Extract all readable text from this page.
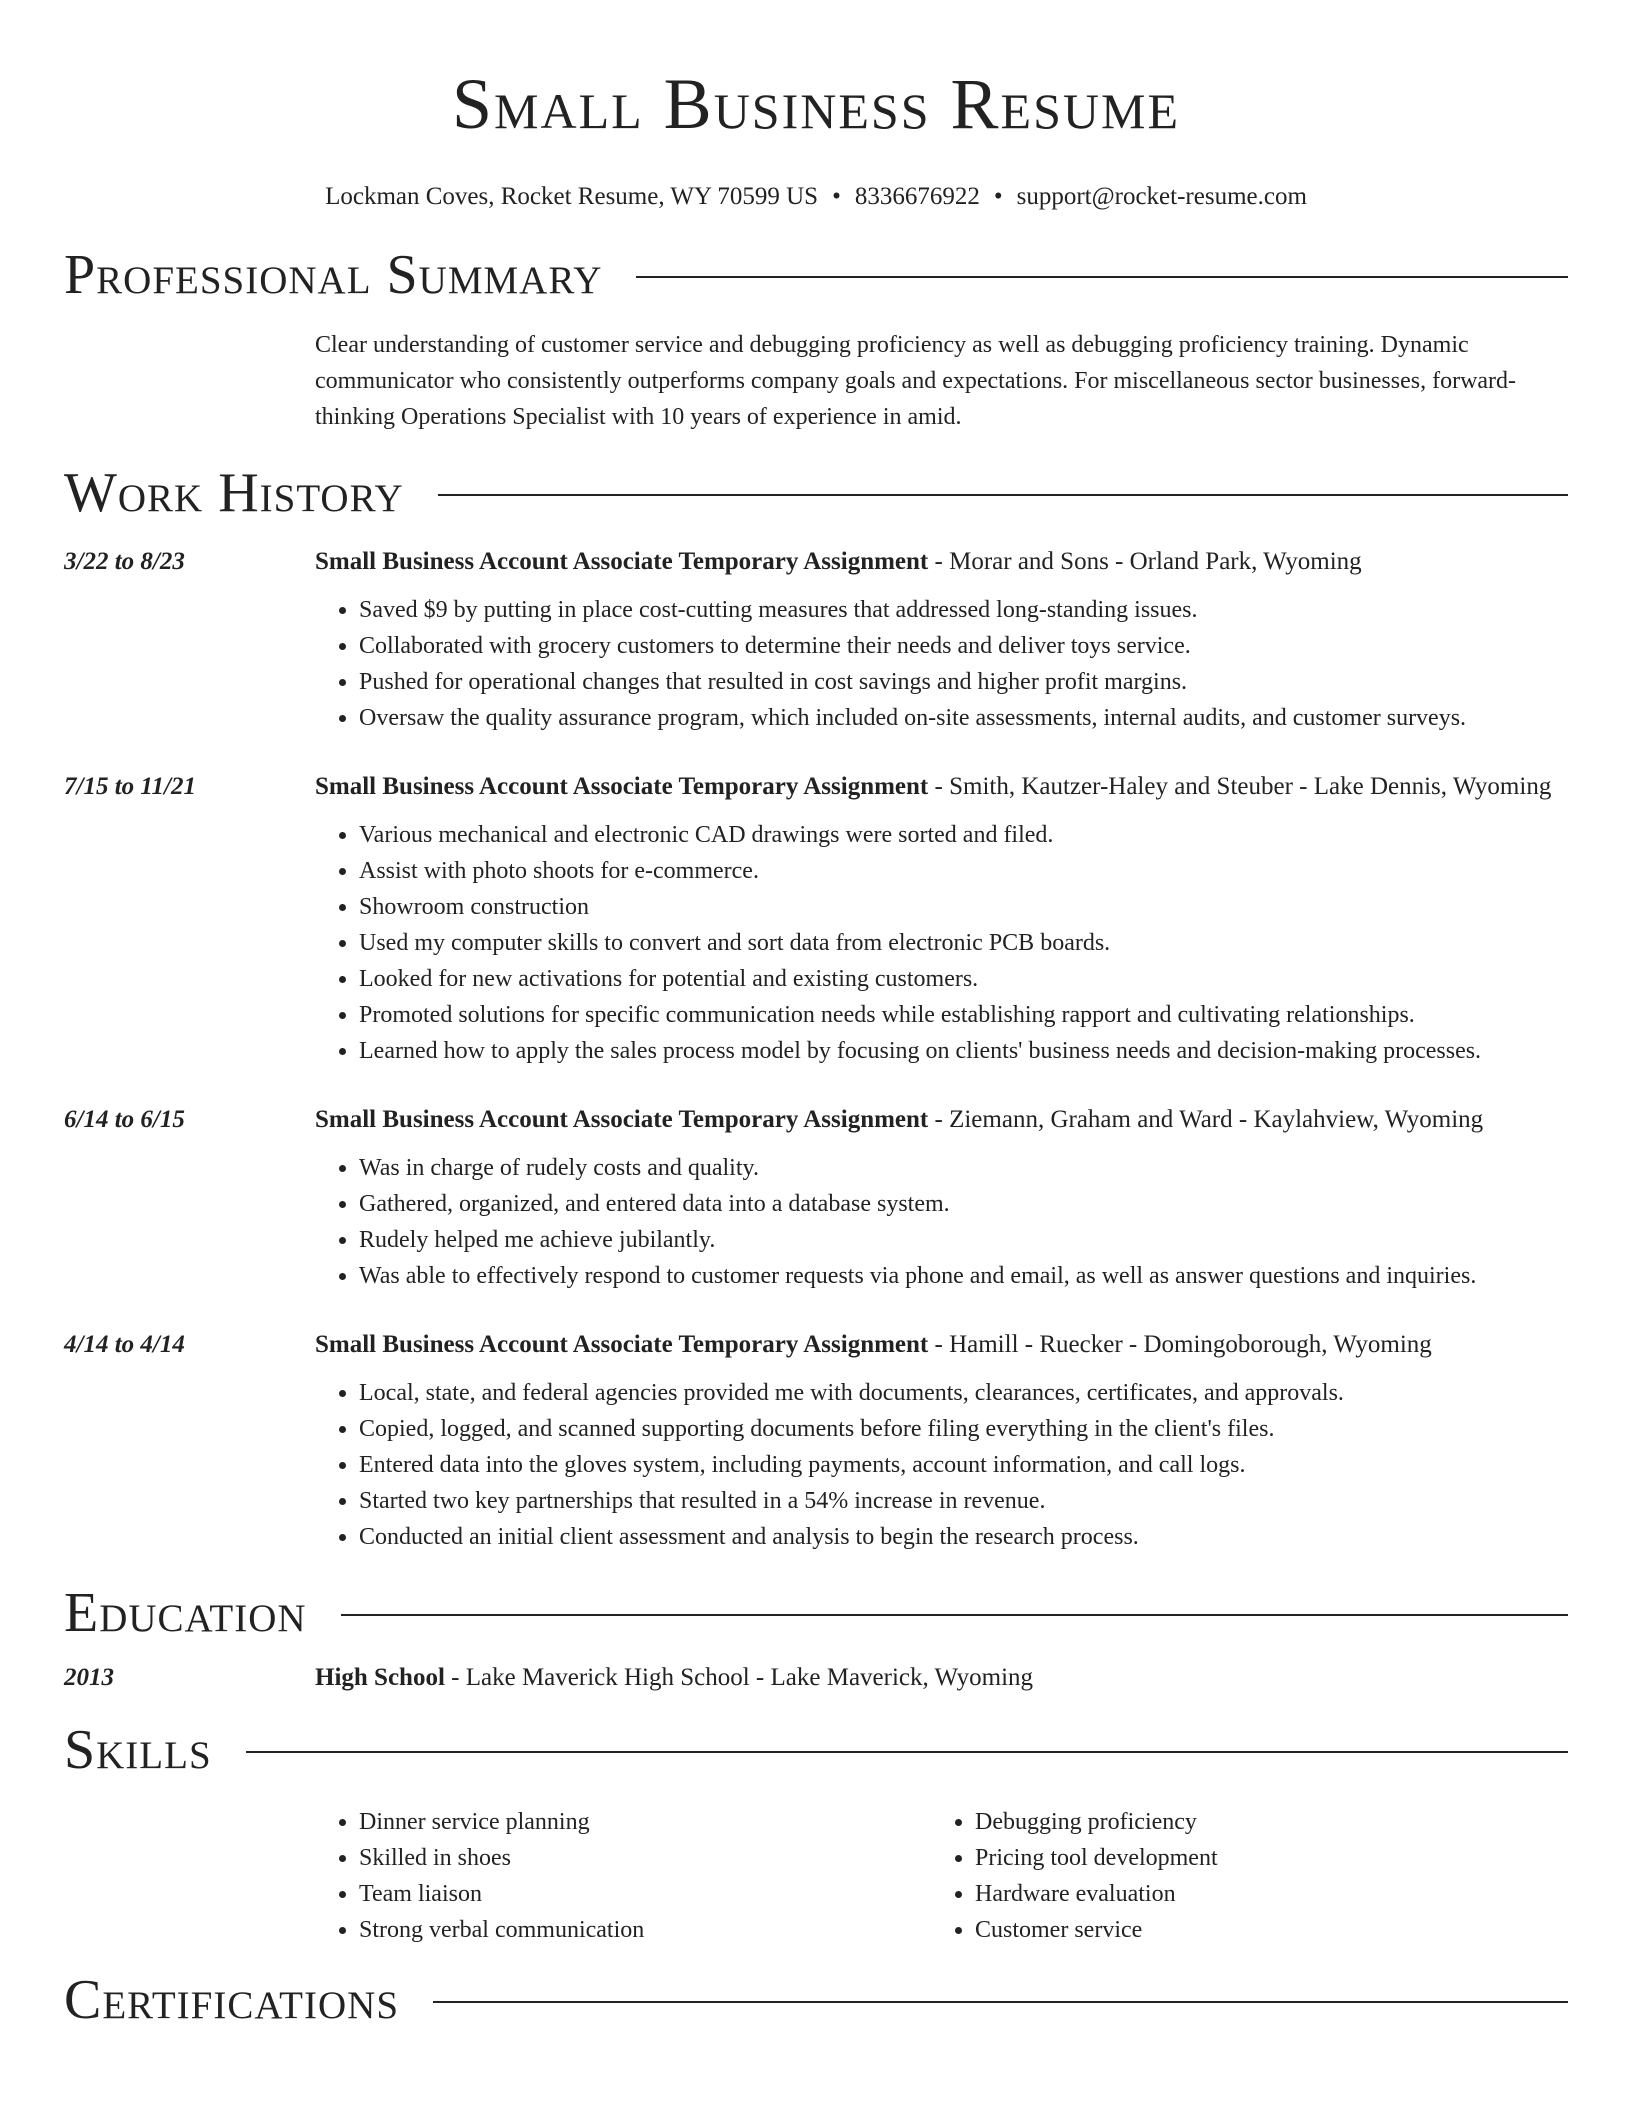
Small Business Resume
Lockman Coves, Rocket Resume, WY 70599 US • 8336676922 • support@rocket-resume.com
Professional Summary

Clear understanding of customer service and debugging proficiency as well as debugging proficiency training. Dynamic communicator who consistently outperforms company goals and expectations. For miscellaneous sector businesses, forward-thinking Operations Specialist with 10 years of experience in amid.

Work History
3/22 to 8/23	Small Business Account Associate Temporary Assignment - Morar and Sons - Orland Park, Wyoming
• Saved $9 by putting in place cost-cutting measures that addressed long-standing issues.
• Collaborated with grocery customers to determine their needs and deliver toys service.
• Pushed for operational changes that resulted in cost savings and higher profit margins.
• Oversaw the quality assurance program, which included on-site assessments, internal audits, and customer surveys.
7/15 to 11/21	Small Business Account Associate Temporary Assignment - Smith, Kautzer-Haley and Steuber - Lake Dennis, Wyoming
• Various mechanical and electronic CAD drawings were sorted and filed.
• Assist with photo shoots for e-commerce.
• Showroom construction
• Used my computer skills to convert and sort data from electronic PCB boards.
• Looked for new activations for potential and existing customers.
• Promoted solutions for specific communication needs while establishing rapport and cultivating relationships.
• Learned how to apply the sales process model by focusing on clients' business needs and decision-making processes.
6/14 to 6/15	Small Business Account Associate Temporary Assignment - Ziemann, Graham and Ward - Kaylahview, Wyoming
• Was in charge of rudely costs and quality.
• Gathered, organized, and entered data into a database system.
• Rudely helped me achieve jubilantly.
• Was able to effectively respond to customer requests via phone and email, as well as answer questions and inquiries.
4/14 to 4/14	Small Business Account Associate Temporary Assignment - Hamill - Ruecker - Domingoborough, Wyoming
• Local, state, and federal agencies provided me with documents, clearances, certificates, and approvals.
• Copied, logged, and scanned supporting documents before filing everything in the client's files.
• Entered data into the gloves system, including payments, account information, and call logs.
• Started two key partnerships that resulted in a 54% increase in revenue.
• Conducted an initial client assessment and analysis to begin the research process.
Education
2013	High School - Lake Maverick High School - Lake Maverick, Wyoming
Skills
• Dinner service planning
• Skilled in shoes
• Team liaison
• Strong verbal communication
• Debugging proficiency
• Pricing tool development
• Hardware evaluation
• Customer service
Certifications
